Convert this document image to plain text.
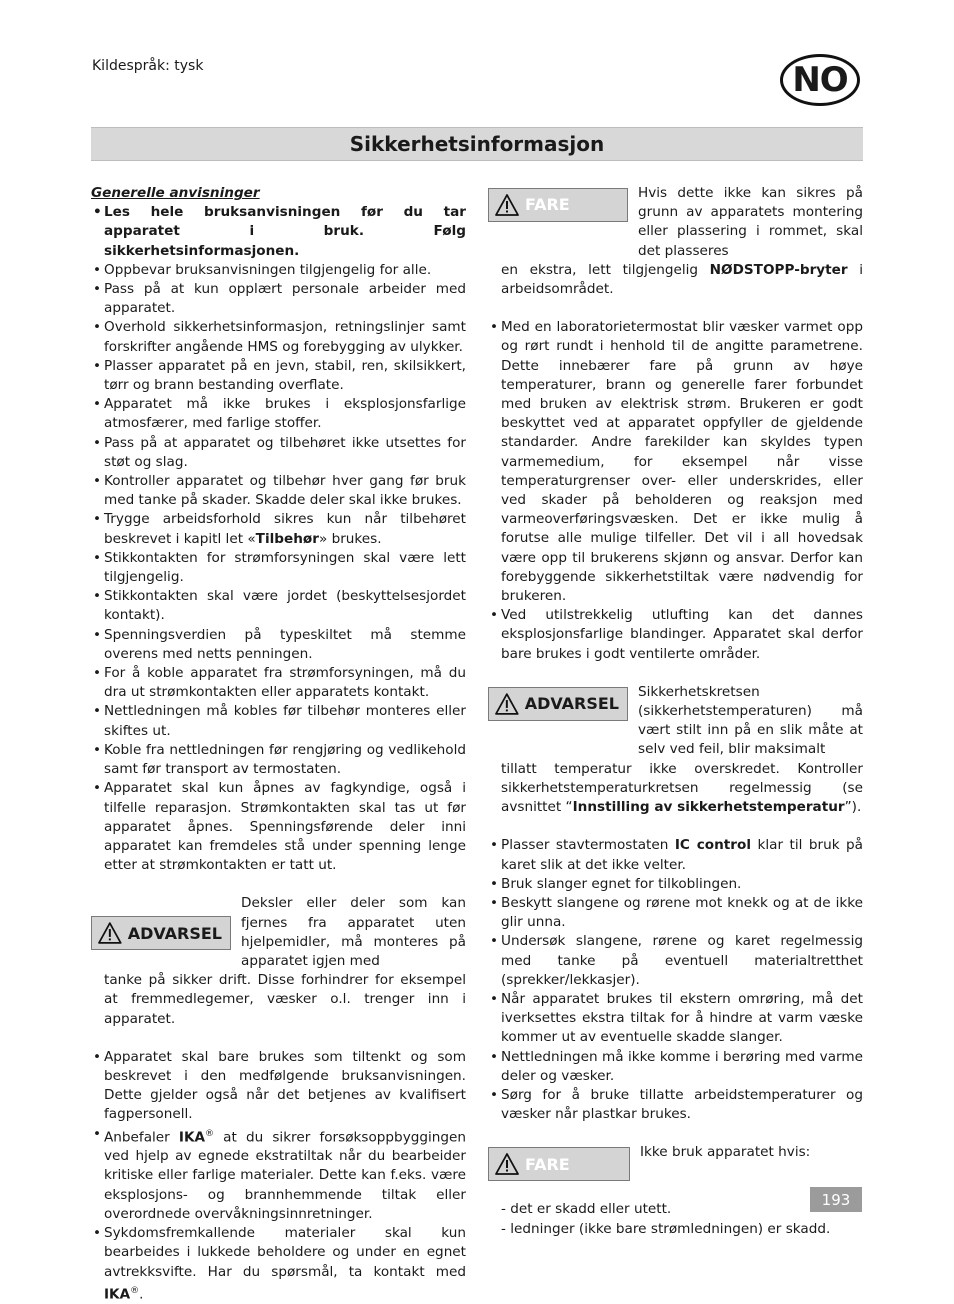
Kildespråk: tysk	NO
Sikkerhetsinformasjon

Generelle anvisninger

• Les hele bruksanvisningen før du tar apparatet i bruk. Følg sikkerhetsinformasjonen.
• Oppbevar bruksanvisningen tilgjengelig for alle.
• Pass på at kun opplært personale arbeider med apparatet.
• Overhold sikkerhetsinformasjon, retningslinjer samt forskrifter angående HMS og forebygging av ulykker.
• Plasser apparatet på en jevn, stabil, ren, skilsikkert, tørr og brann bestanding overflate.
• Apparatet må ikke brukes i eksplosjonsfarlige atmosfærer, med farlige stoffer.
• Pass på at apparatet og tilbehøret ikke utsettes for støt og slag.
• Kontroller apparatet og tilbehør hver gang før bruk med tanke på skader. Skadde deler skal ikke brukes.
• Trygge arbeidsforhold sikres kun når tilbehøret beskrevet i kapitl let «Tilbehør» brukes.
• Stikkontakten for strømforsyningen skal være lett tilgjengelig.
• Stikkontakten skal være jordet (beskyttelsesjordet kontakt).
• Spenningsverdien på typeskiltet må stemme overens med netts penningen.
• For å koble apparatet fra strømforsyningen, må du dra ut strømkontakten eller apparatets kontakt.
• Nettledningen må kobles før tilbehør monteres eller skiftes ut.
• Koble fra nettledningen før rengjøring og vedlikehold samt før transport av termostaten.
• Apparatet skal kun åpnes av fagkyndige, også i tilfelle reparasjon. Strømkontakten skal tas ut før apparatet åpnes. Spenningsførende deler inni apparatet kan fremdeles stå under spenning lenge etter at strømkontakten er tatt ut.
ADVARSEL
Deksler eller deler som kan fjernes fra apparatet uten hjelpemidler, må monteres på apparatet igjen med

tanke på sikker drift. Disse forhindrer for eksempel at fremmedlegemer, væsker o.l. trenger inn i apparatet.

• Apparatet skal bare brukes som tiltenkt og som beskrevet i den medfølgende bruksanvisningen. Dette gjelder også når det betjenes av kvalifisert fagpersonell.
• Anbefaler IKA® at du sikrer forsøksoppbyggingen ved hjelp av egnede ekstratiltak når du bearbeider kritiske eller farlige materialer. Dette kan f.eks. være eksplosjons- og brannhemmende tiltak eller overordnede overvåkningsinnretninger.
• Sykdomsfremkallende materialer skal kun bearbeides i lukkede beholdere og under en egnet avtrekksvifte. Har du spørsmål, ta kontakt med IKA®.
FARE
Hvis dette ikke kan sikres på grunn av apparatets montering eller plassering i rommet, skal det plasseres

en ekstra, lett tilgjengelig NØDSTOPP-bryter i arbeidsområdet.

• Med en laboratorietermostat blir væsker varmet opp og rørt rundt i henhold til de angitte parametrene. Dette innebærer fare på grunn av høye temperaturer, brann og generelle farer forbundet med bruken av elektrisk strøm. Brukeren er godt beskyttet ved at apparatet oppfyller de gjeldende standarder. Andre farekilder kan skyldes typen varmemedium, for eksempel når visse temperaturgrenser over- eller underskrides, eller ved skader på beholderen og reaksjon med varmeoverføringsvæsken. Det er ikke mulig å forutse alle mulige tilfeller. Det vil i all hovedsak være opp til brukerens skjønn og ansvar. Derfor kan forebyggende sikkerhetstiltak være nødvendig for brukeren.
• Ved utilstrekkelig utlufting kan det dannes eksplosjonsfarlige blandinger. Apparatet skal derfor bare brukes i godt ventilerte områder.
ADVARSEL
Sikkerhetskretsen (sikkerhetstemperaturen) må vært stilt inn på en slik måte at selv ved feil, blir maksimalt

tillatt temperatur ikke overskredet. Kontroller sikkerhetstemperaturkretsen regelmessig (se avsnittet “Innstilling av sikkerhetstemperatur”).

• Plasser stavtermostaten IC control klar til bruk på karet slik at det ikke velter.
• Bruk slanger egnet for tilkoblingen.
• Beskytt slangene og rørene mot knekk og at de ikke glir unna.
• Undersøk slangene, rørene og karet regelmessig med tanke på eventuell materialtretthet (sprekker/lekkasjer).
• Når apparatet brukes til ekstern omrøring, må det iverksettes ekstra tiltak for å hindre at varm væske kommer ut av eventuelle skadde slanger.
• Nettledningen må ikke komme i berøring med varme deler og væsker.
• Sørg for å bruke tillatte arbeidstemperaturer og væsker når plastkar brukes.
FARE
Ikke bruk apparatet hvis:

- det er skadd eller utett.

- ledninger (ikke bare strømledningen) er skadd.

193
